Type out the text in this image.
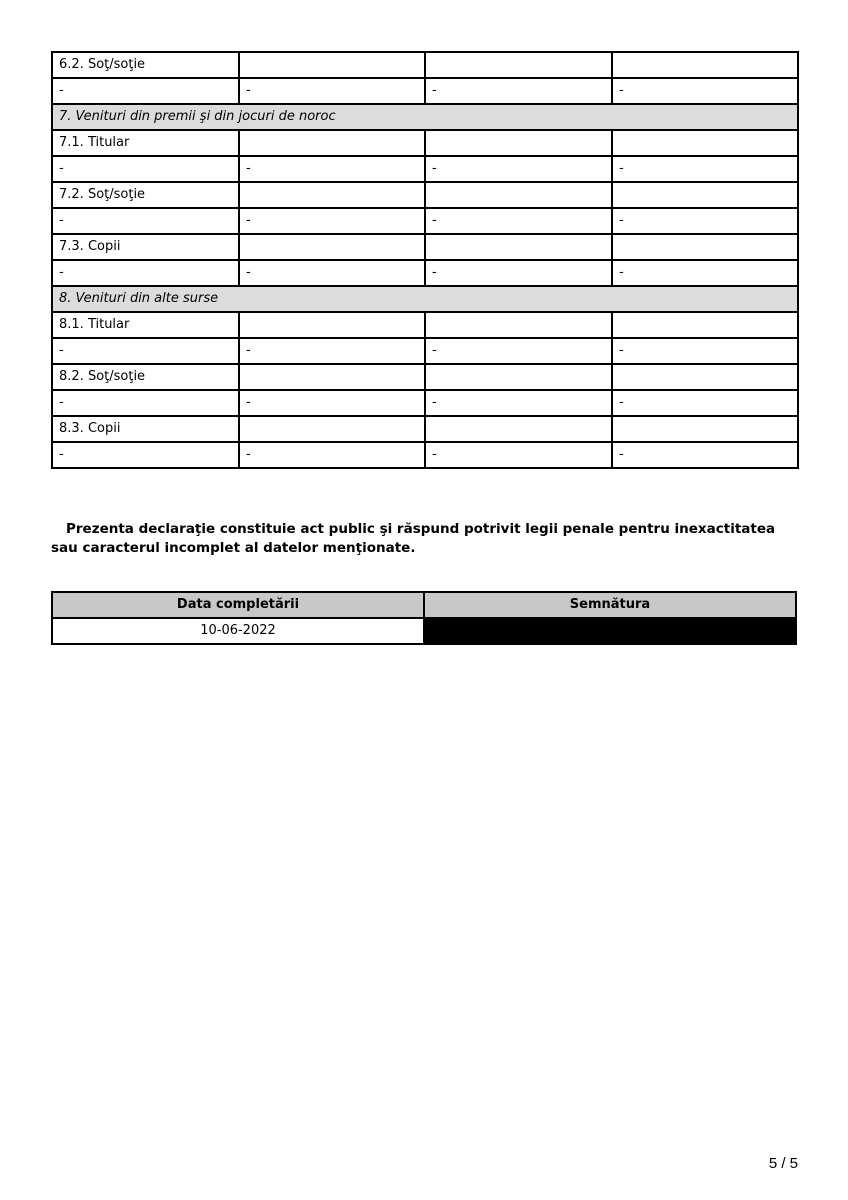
6.2. Soţ/soţie			
-	-	-	-
7. Venituri din premii şi din jocuri de noroc			
7.1. Titular			
-	-	-	-
7.2. Soţ/soţie			
-	-	-	-
7.3. Copii			
-	-	-	-
8. Venituri din alte surse			
8.1. Titular			
-	-	-	-
8.2. Soţ/soţie			
-	-	-	-
8.3. Copii			
-	-	-	-

Prezenta declaraţie constituie act public şi răspund potrivit legii penale pentru inexactitatea sau caracterul incomplet al datelor menţionate.

Data completării	Semnătura
10-06-2022	
5 / 5
